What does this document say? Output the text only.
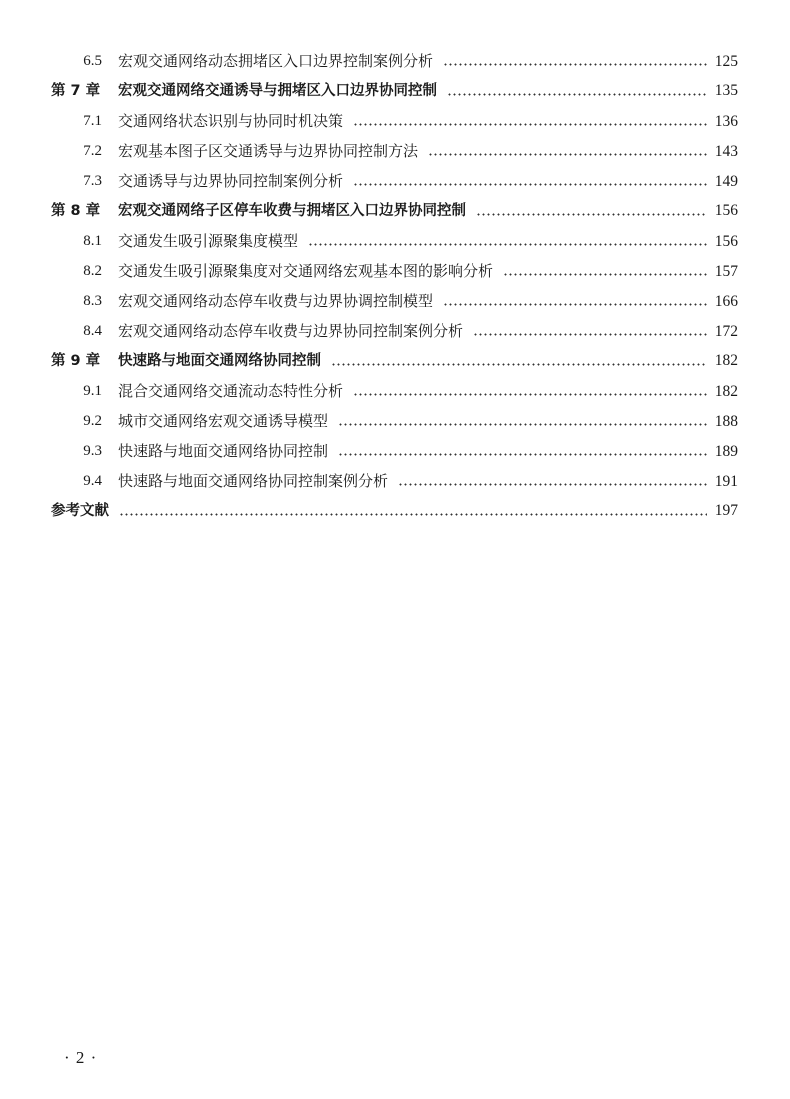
6.5 宏观交通网络动态拥堵区入口边界控制案例分析	125
第 7 章 宏观交通网络交通诱导与拥堵区入口边界协同控制	135
7.1 交通网络状态识别与协同时机决策	136
7.2 宏观基本图子区交通诱导与边界协同控制方法	143
7.3 交通诱导与边界协同控制案例分析	149
第 8 章 宏观交通网络子区停车收费与拥堵区入口边界协同控制	156
8.1 交通发生吸引源聚集度模型	156
8.2 交通发生吸引源聚集度对交通网络宏观基本图的影响分析	157
8.3 宏观交通网络动态停车收费与边界协调控制模型	166
8.4 宏观交通网络动态停车收费与边界协同控制案例分析	172
第 9 章 快速路与地面交通网络协同控制	182
9.1 混合交通网络交通流动态特性分析	182
9.2 城市交通网络宏观交通诱导模型	188
9.3 快速路与地面交通网络协同控制	189
9.4 快速路与地面交通网络协同控制案例分析	191
参考文献	197
· 2 ·
